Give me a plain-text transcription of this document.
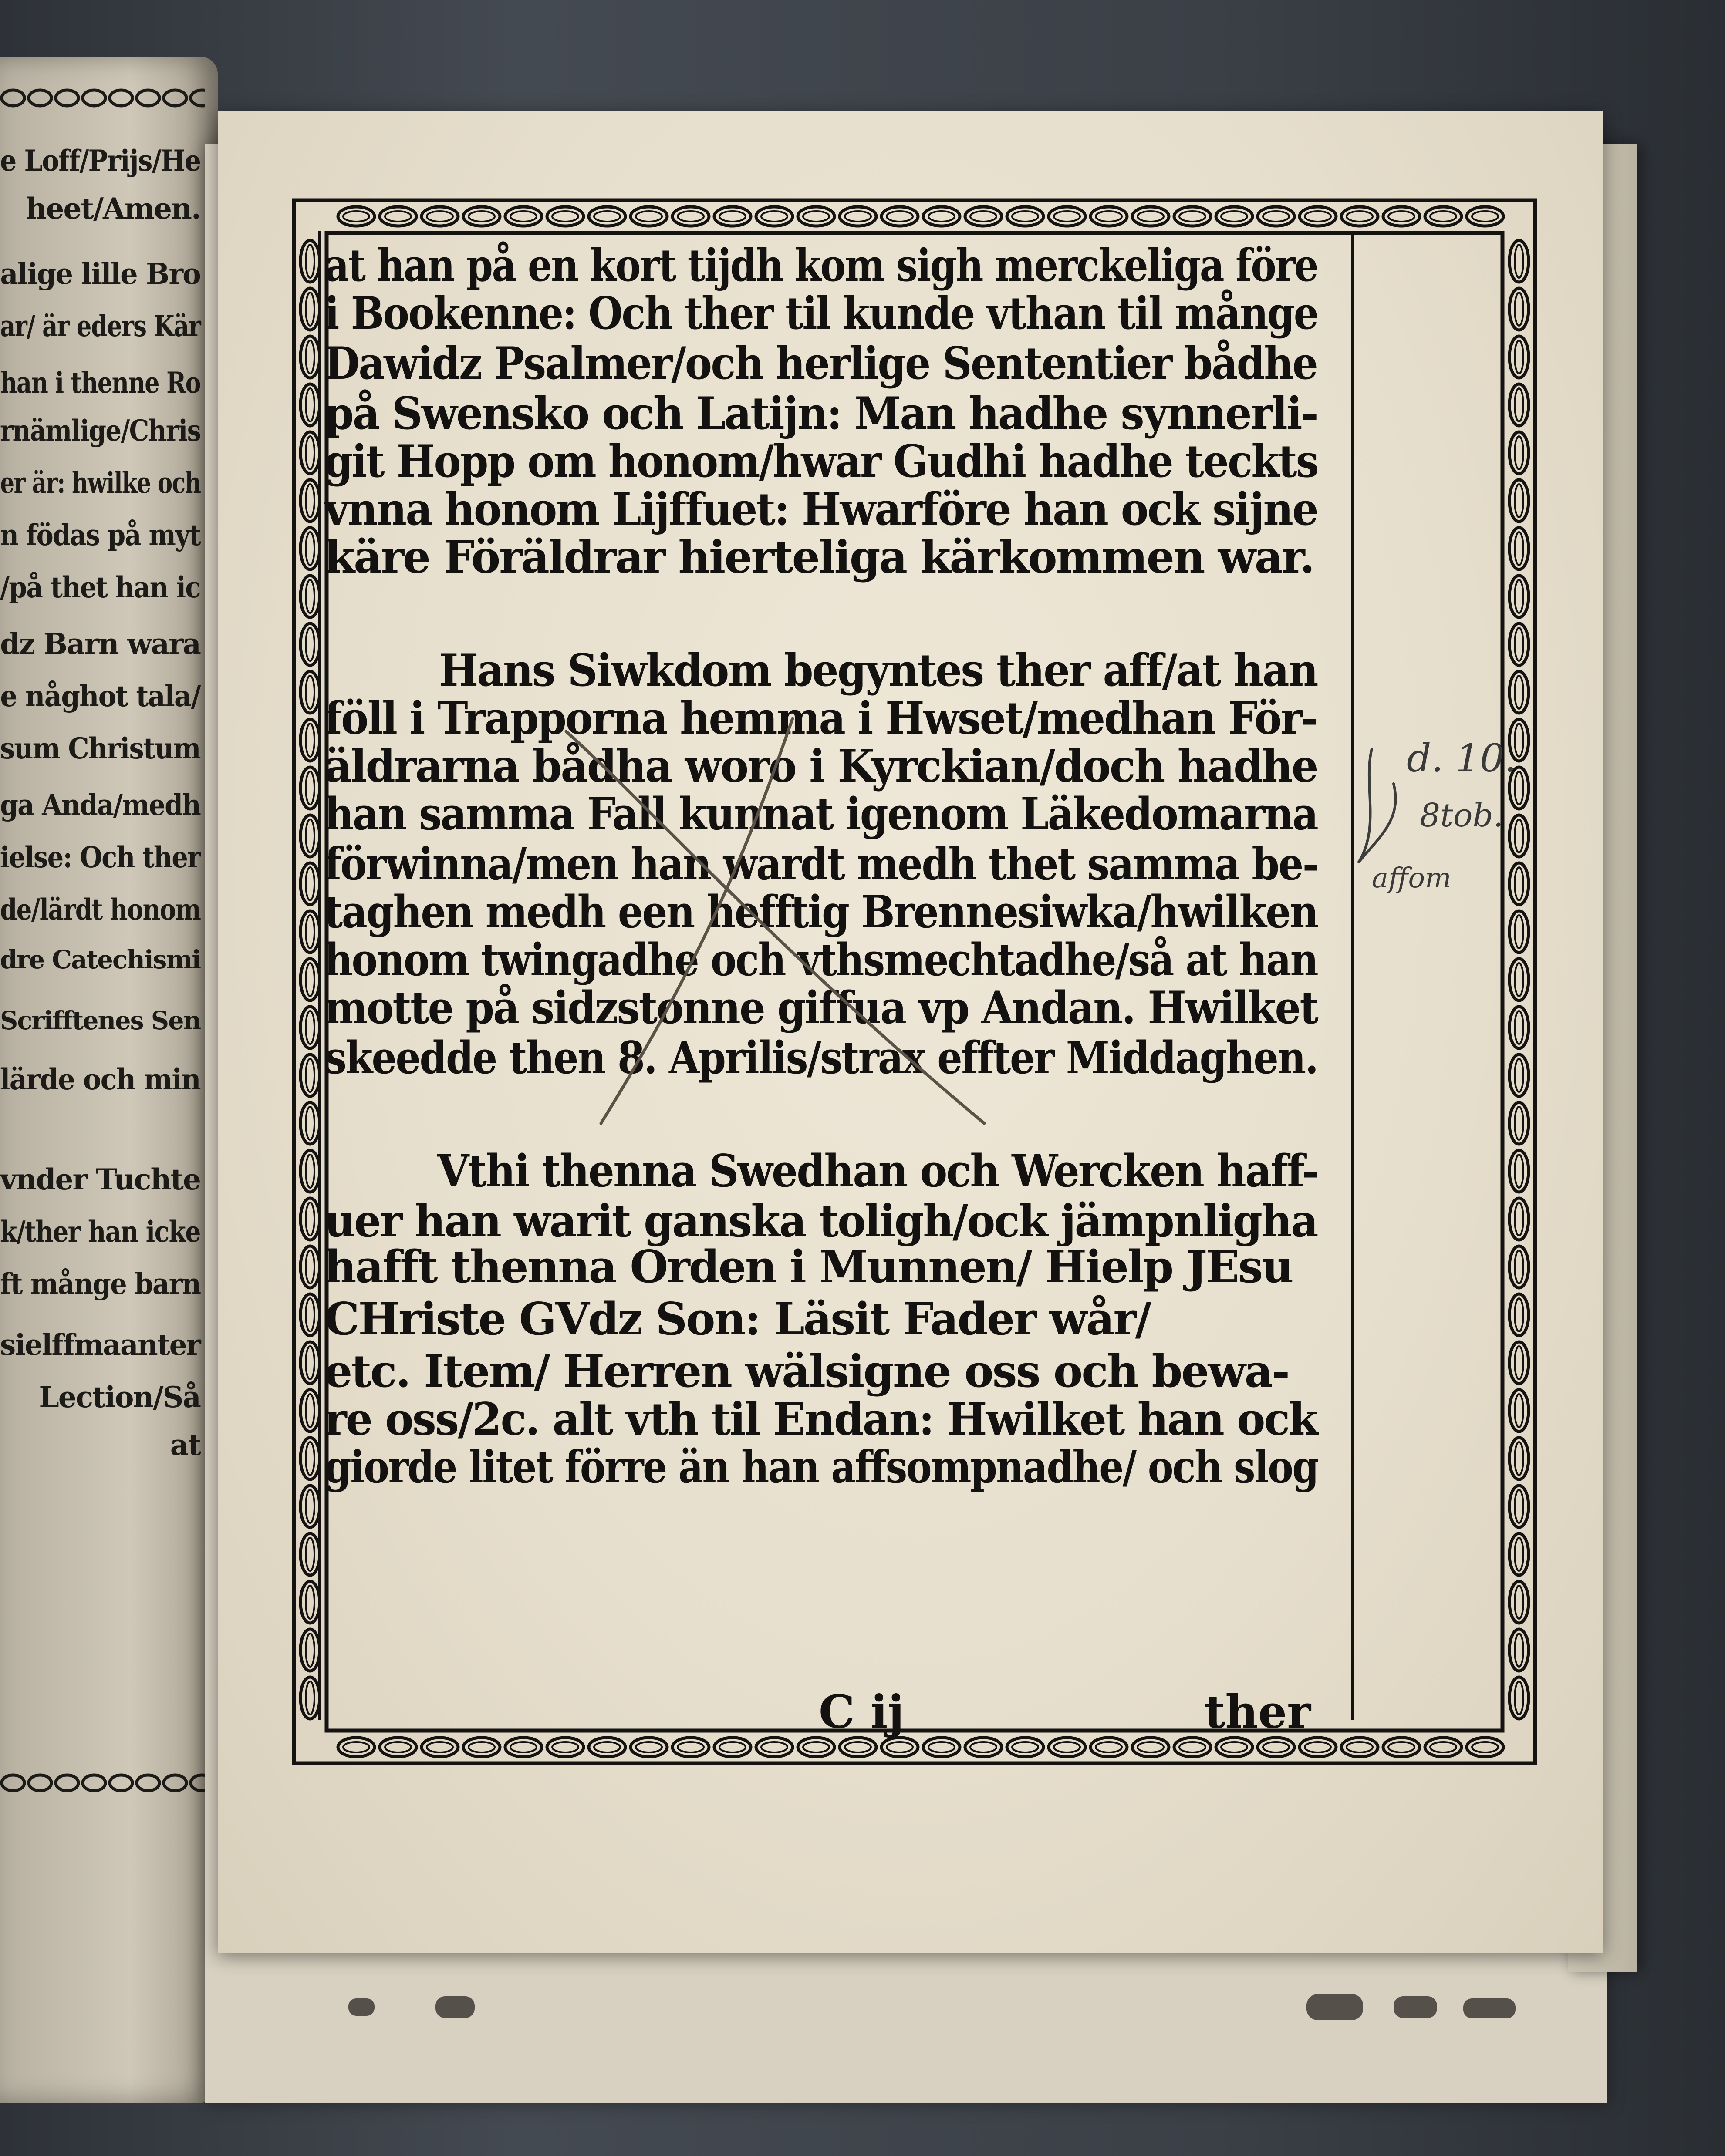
e Loff/Prijs/He
heet/Amen.
alige lille Bro
ar/ är eders Kär
han i thenne Ro
rnämlige/Chris
er är: hwilke och
n födas på myt
/på thet han ic
dz Barn wara
e någhot tala/
sum Christum
ga Anda/medh
ielse: Och ther
de/lärdt honom
dre Catechismi
Scrifftenes Sen
lärde och min
vnder Tuchte
k/ther han icke
ft månge barn
sielffmaanter
Lection/Så
at
at han på en kort tijdh kom sigh merckeliga före
i Bookenne: Och ther til kunde vthan til månge
Dawidz Psalmer/och herlige Sententier bådhe
på Swensko och Latijn: Man hadhe synnerli-
git Hopp om honom/hwar Gudhi hadhe teckts
vnna honom Lijffuet: Hwarföre han ock sijne
käre Föräldrar hierteliga kärkommen war.
Hans Siwkdom begyntes ther aff/at han
föll i Trapporna hemma i Hwset/medhan För-
äldrarna bådha woro i Kyrckian/doch hadhe
han samma Fall kunnat igenom Läkedomarna
förwinna/men han wardt medh thet samma be-
taghen medh een hefftig Brennesiwka/hwilken
honom twingadhe och vthsmechtadhe/så at han
motte på sidzstonne giffua vp Andan. Hwilket
skeedde then 8. Aprilis/strax effter Middaghen.
Vthi thenna Swedhan och Wercken haff-
uer han warit ganska toligh/ock jämpnligha
hafft thenna Orden i Munnen/ Hielp JEsu
CHriste GVdz Son: Läsit Fader wår/
etc. Item/ Herren wälsigne oss och bewa-
re oss/2c. alt vth til Endan: Hwilket han ock
giorde litet förre än han affsompnadhe/ och slog
C ij	ther
d. 10.
8tob.
affom
